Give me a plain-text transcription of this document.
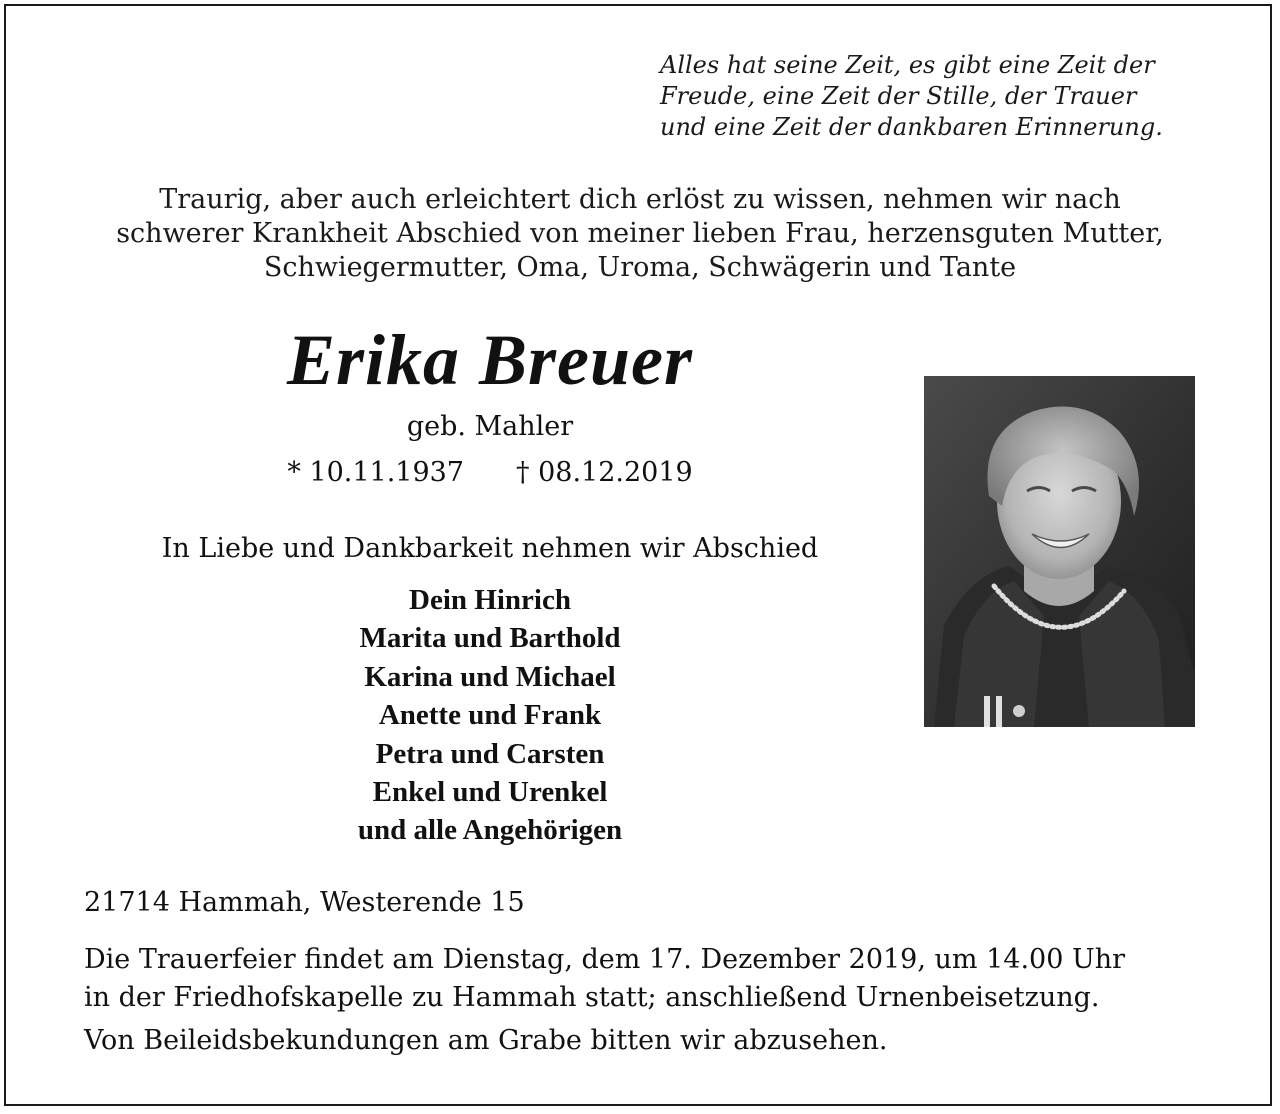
Alles hat seine Zeit, es gibt eine Zeit der
Freude, eine Zeit der Stille, der Trauer
und eine Zeit der dankbaren Erinnerung.
Traurig, aber auch erleichtert dich erlöst zu wissen, nehmen wir nach
schwerer Krankheit Abschied von meiner lieben Frau, herzensguten Mutter,
Schwiegermutter, Oma, Uroma, Schwägerin und Tante
Erika Breuer
geb. Mahler
* 10.11.1937 † 08.12.2019
In Liebe und Dankbarkeit nehmen wir Abschied
Dein Hinrich
Marita und Barthold
Karina und Michael
Anette und Frank
Petra und Carsten
Enkel und Urenkel
und alle Angehörigen
21714 Hammah, Westerende 15
Die Trauerfeier findet am Dienstag, dem 17. Dezember 2019, um 14.00 Uhr
in der Friedhofskapelle zu Hammah statt; anschließend Urnenbeisetzung.
Von Beileidsbekundungen am Grabe bitten wir abzusehen.
